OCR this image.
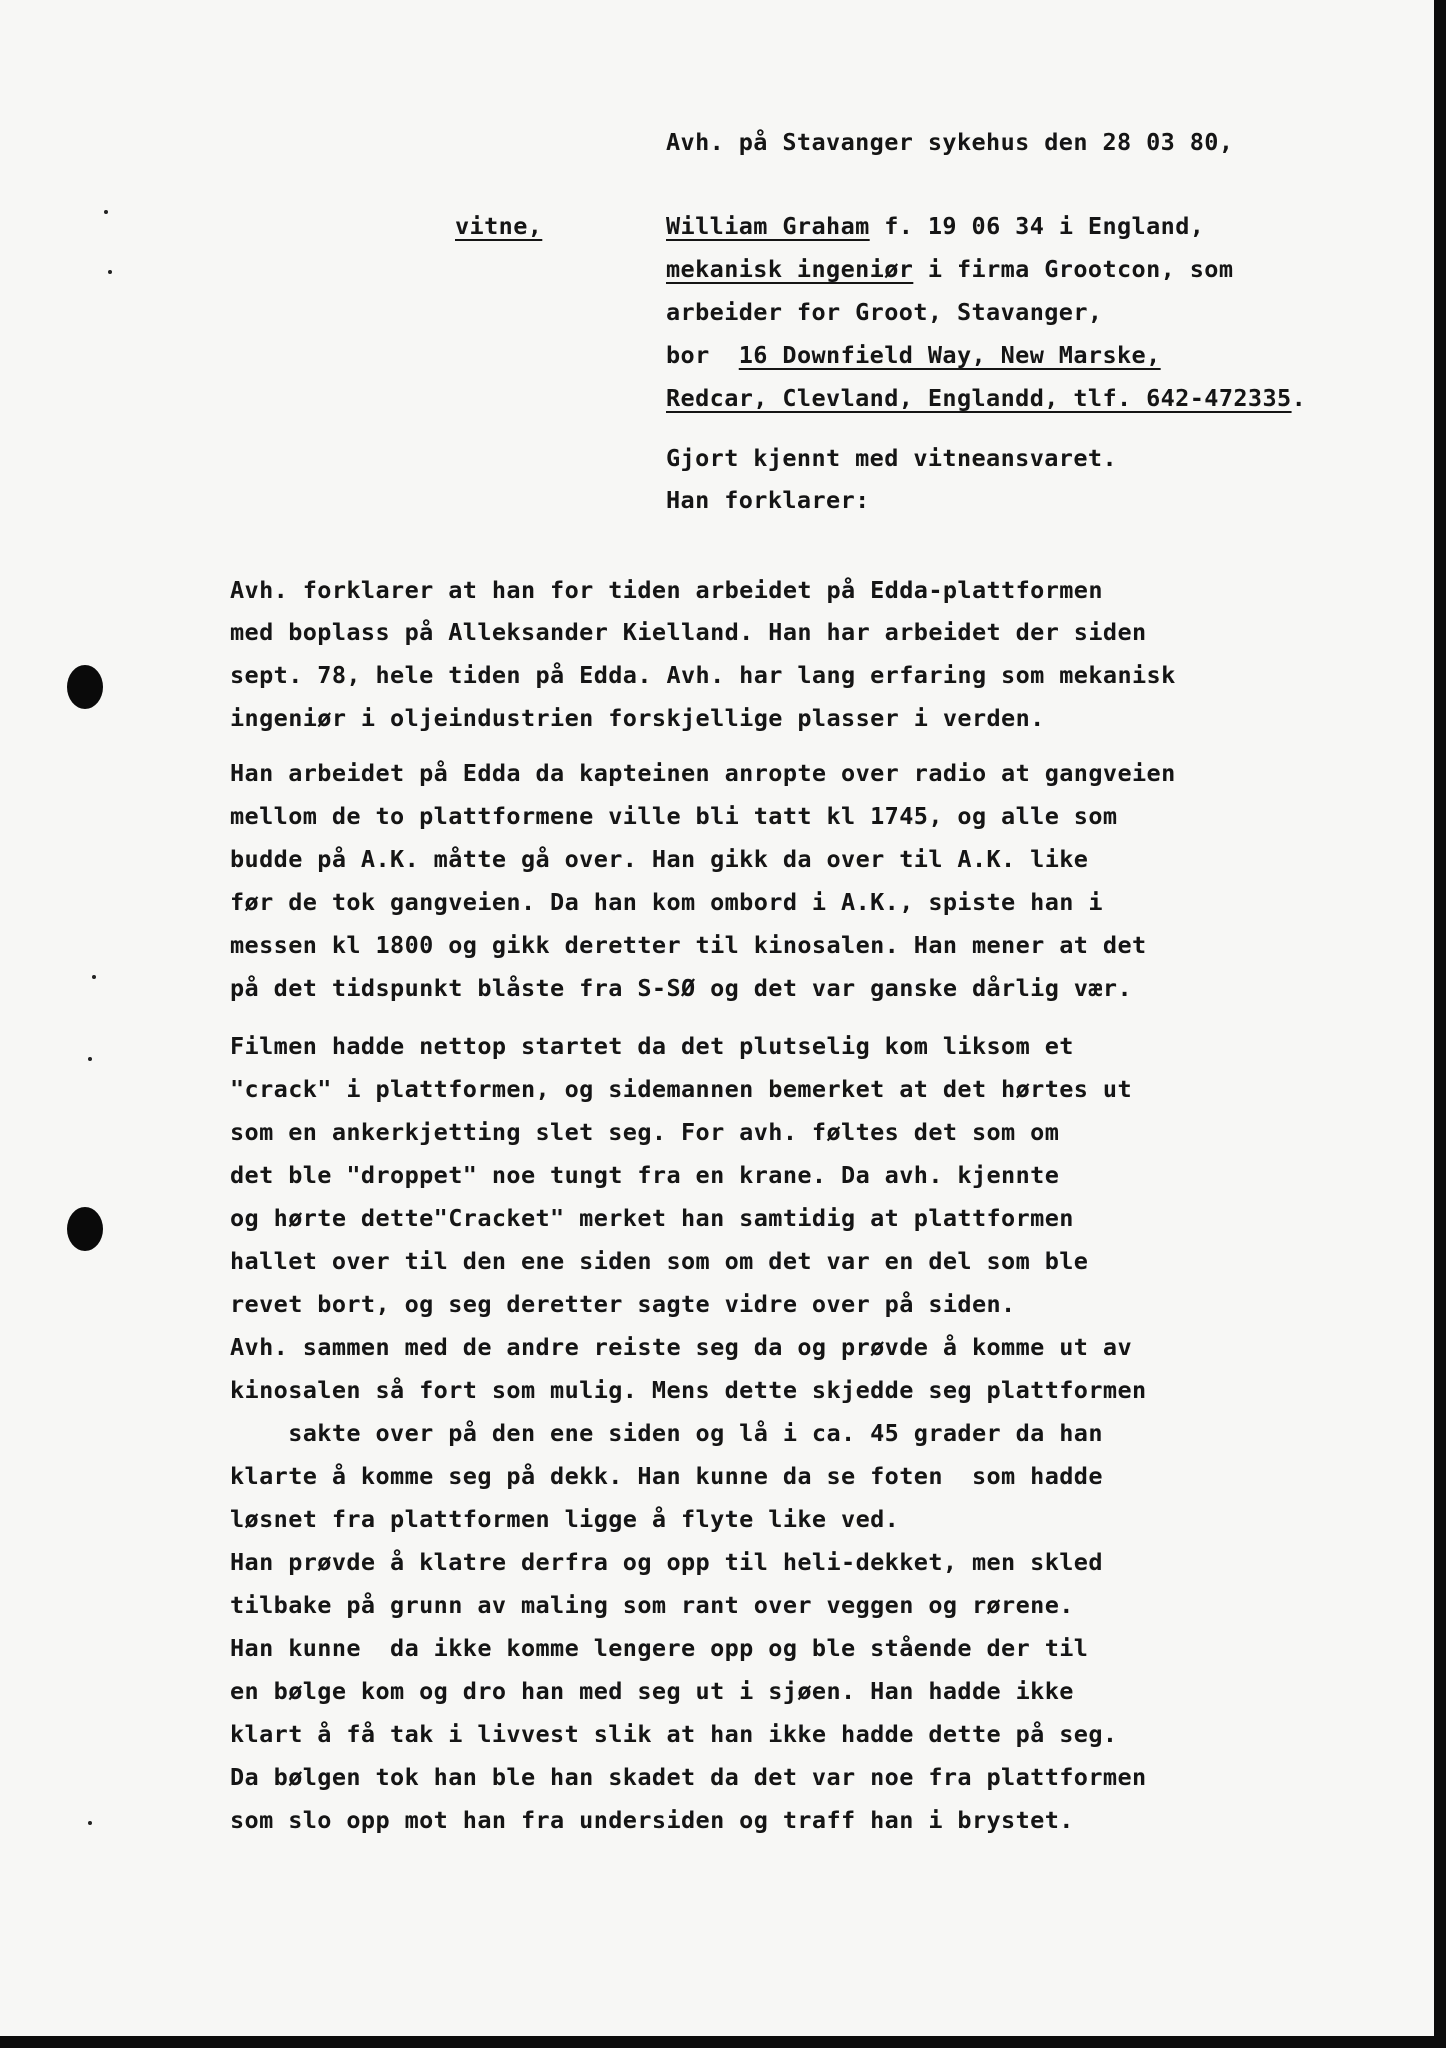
Avh. på Stavanger sykehus den 28 03 80,

vitne,	William Graham f. 19 06 34 i England,

mekanisk ingeniør i firma Grootcon, som

arbeider for Groot, Stavanger,

bor  16 Downfield Way, New Marske,

Redcar, Clevland, Englandd, tlf. 642-472335.

Gjort kjennt med vitneansvaret.

Han forklarer:

Avh. forklarer at han for tiden arbeidet på Edda-plattformen

med boplass på Alleksander Kielland. Han har arbeidet der siden

sept. 78, hele tiden på Edda. Avh. har lang erfaring som mekanisk

ingeniør i oljeindustrien forskjellige plasser i verden.

Han arbeidet på Edda da kapteinen anropte over radio at gangveien

mellom de to plattformene ville bli tatt kl 1745, og alle som

budde på A.K. måtte gå over. Han gikk da over til A.K. like

før de tok gangveien. Da han kom ombord i A.K., spiste han i

messen kl 1800 og gikk deretter til kinosalen. Han mener at det

på det tidspunkt blåste fra S-SØ og det var ganske dårlig vær.

Filmen hadde nettop startet da det plutselig kom liksom et

"crack" i plattformen, og sidemannen bemerket at det hørtes ut

som en ankerkjetting slet seg. For avh. føltes det som om

det ble "droppet" noe tungt fra en krane. Da avh. kjennte

og hørte dette"Cracket" merket han samtidig at plattformen

hallet over til den ene siden som om det var en del som ble

revet bort, og seg deretter sagte vidre over på siden.

Avh. sammen med de andre reiste seg da og prøvde å komme ut av

kinosalen så fort som mulig. Mens dette skjedde seg plattformen

sakte over på den ene siden og lå i ca. 45 grader da han

klarte å komme seg på dekk. Han kunne da se foten  som hadde

løsnet fra plattformen ligge å flyte like ved.

Han prøvde å klatre derfra og opp til heli-dekket, men skled

tilbake på grunn av maling som rant over veggen og rørene.

Han kunne  da ikke komme lengere opp og ble stående der til

en bølge kom og dro han med seg ut i sjøen. Han hadde ikke

klart å få tak i livvest slik at han ikke hadde dette på seg.

Da bølgen tok han ble han skadet da det var noe fra plattformen

som slo opp mot han fra undersiden og traff han i brystet.
